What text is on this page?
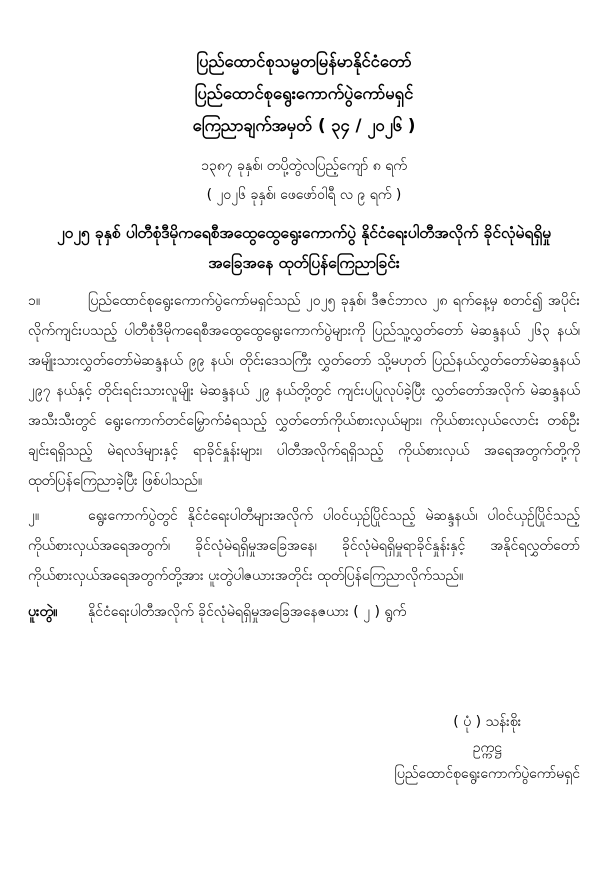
ပြည်ထောင်စုသမ္မတမြန်မာနိုင်ငံတော်
ပြည်ထောင်စုရွေးကောက်ပွဲကော်မရှင်
ကြေညာချက်အမှတ် ( ၃၄ / ၂၀၂၆ )
၁၃၈၇ ခုနှစ်၊ တပို့တွဲလပြည့်ကျော် ၈ ရက်
( ၂၀၂၆ ခုနှစ်၊ ဖေဖော်ဝါရီ လ ၉ ရက် )
၂၀၂၅ ခုနှစ် ပါတီစုံဒီမိုကရေစီအထွေထွေရွေးကောက်ပွဲ နိုင်ငံရေးပါတီအလိုက် ခိုင်လုံမဲရရှိမှု
အခြေအနေ ထုတ်ပြန်ကြေညာခြင်း

၁။	ပြည်ထောင်စုရွေးကောက်ပွဲကော်မရှင်သည် ၂၀၂၅ ခုနှစ်၊ ဒီဇင်ဘာလ ၂၈ ရက်နေ့မှ စတင်၍ အပိုင်းလိုက်ကျင်းပသည့် ပါတီစုံဒီမိုကရေစီအထွေထွေရွေးကောက်ပွဲများကို ပြည်သူ့လွှတ်တော် မဲဆန္ဒနယ် ၂၆၃ နယ်၊ အမျိုးသားလွှတ်တော်မဲဆန္ဒနယ် ၉၉ နယ်၊ တိုင်းဒေသကြီး လွှတ်တော် သို့မဟုတ် ပြည်နယ်လွှတ်တော်မဲဆန္ဒနယ် ၂၉၇ နယ်နှင့် တိုင်းရင်းသားလူမျိုး မဲဆန္ဒနယ် ၂၉ နယ်တို့တွင် ကျင်းပပြုလုပ်ခဲ့ပြီး လွှတ်တော်အလိုက် မဲဆန္ဒနယ်အသီးသီးတွင် ရွေးကောက်တင်မြှောက်ခံရသည့် လွှတ်တော်ကိုယ်စားလှယ်များ၊ ကိုယ်စားလှယ်လောင်း တစ်ဦးချင်းရရှိသည့် မဲရလဒ်များနှင့် ရာခိုင်နှုန်းများ၊ ပါတီအလိုက်ရရှိသည့် ကိုယ်စားလှယ် အရေအတွက်တို့ကို ထုတ်ပြန်ကြေညာခဲ့ပြီး ဖြစ်ပါသည်။

၂။	ရွေးကောက်ပွဲတွင် နိုင်ငံရေးပါတီများအလိုက် ပါဝင်ယှဉ်ပြိုင်သည့် မဲဆန္ဒနယ်၊ ပါဝင်ယှဉ်ပြိုင်သည့် ကိုယ်စားလှယ်အရေအတွက်၊ ခိုင်လုံမဲရရှိမှုအခြေအနေ၊ ခိုင်လုံမဲရရှိမှုရာခိုင်နှုန်းနှင့် အနိုင်ရလွှတ်တော်ကိုယ်စားလှယ်အရေအတွက်တို့အား ပူးတွဲပါဇယားအတိုင်း ထုတ်ပြန်ကြေညာလိုက်သည်။

ပူးတွဲ။ နိုင်ငံရေးပါတီအလိုက် ခိုင်လုံမဲရရှိမှုအခြေအနေဇယား ( ၂ ) ရွက်

( ပုံ ) သန်းစိုး
ဥက္ကဋ္ဌ
ပြည်ထောင်စုရွေးကောက်ပွဲကော်မရှင်
